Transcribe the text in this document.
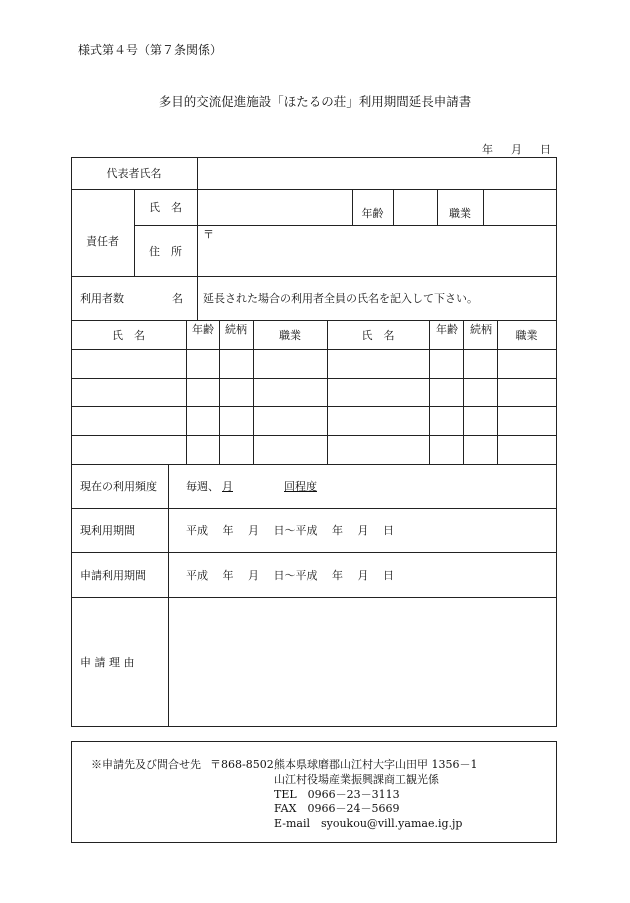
様式第４号（第７条関係）
多目的交流促進施設「ほたるの荘」利用期間延長申請書
年 月 日
代表者氏名
責任者
氏　名	年齢	職業
住　所
〒
利用者数	名 延長された場合の利用者全員の氏名を記入して下さい。
氏　名	年齢 続柄	職業	氏　名	年齢 続柄	職業
現在の利用頻度	毎週、 月	回程度
現利用期間	平成　 年　 月　 日～平成　 年　 月　 日
申請利用期間	平成　 年　 月　 日～平成　 年　 月　 日
申 請 理 由
※申請先及び問合せ先 〒868-8502 熊本県球磨郡山江村大字山田甲 1356－1
山江村役場産業振興課商工観光係
TEL　0966－23－3113
FAX　0966－24－5669
E-mail　syoukou@vill.yamae.ig.jp
